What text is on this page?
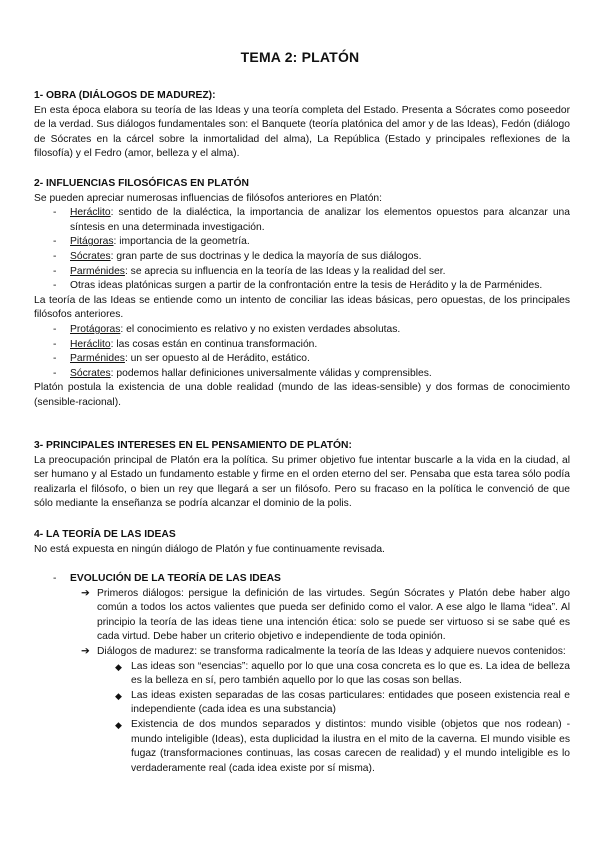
TEMA 2: PLATÓN
1- OBRA (DIÁLOGOS DE MADUREZ):
En esta época elabora su teoría de las Ideas y una teoría completa del Estado. Presenta a Sócrates como poseedor de la verdad. Sus diálogos fundamentales son: el Banquete (teoría platónica del amor y de las Ideas), Fedón (diálogo de Sócrates en la cárcel sobre la inmortalidad del alma), La República (Estado y principales reflexiones de la filosofía) y el Fedro (amor, belleza y el alma).
2- INFLUENCIAS FILOSÓFICAS EN PLATÓN
Se pueden apreciar numerosas influencias de filósofos anteriores en Platón:
- Heráclito: sentido de la dialéctica, la importancia de analizar los elementos opuestos para alcanzar una síntesis en una determinada investigación.
- Pitágoras: importancia de la geometría.
- Sócrates: gran parte de sus doctrinas y le dedica la mayoría de sus diálogos.
- Parménides: se aprecia su influencia en la teoría de las Ideas y la realidad del ser.
- Otras ideas platónicas surgen a partir de la confrontación entre la tesis de Herádito y la de Parménides.
La teoría de las Ideas se entiende como un intento de conciliar las ideas básicas, pero opuestas, de los principales filósofos anteriores.
- Protágoras: el conocimiento es relativo y no existen verdades absolutas.
- Heráclito: las cosas están en continua transformación.
- Parménides: un ser opuesto al de Herádito, estático.
- Sócrates: podemos hallar definiciones universalmente válidas y comprensibles.
Platón postula la existencia de una doble realidad (mundo de las ideas-sensible) y dos formas de conocimiento (sensible-racional).
3- PRINCIPALES INTERESES EN EL PENSAMIENTO DE PLATÓN:
La preocupación principal de Platón era la política. Su primer objetivo fue intentar buscarle a la vida en la ciudad, al ser humano y al Estado un fundamento estable y firme en el orden eterno del ser. Pensaba que esta tarea sólo podía realizarla el filósofo, o bien un rey que llegará a ser un filósofo. Pero su fracaso en la política le convenció de que sólo mediante la enseñanza se podría alcanzar el dominio de la polis.
4- LA TEORÍA DE LAS IDEAS
No está expuesta en ningún diálogo de Platón y fue continuamente revisada.
- EVOLUCIÓN DE LA TEORÍA DE LAS IDEAS
➔ Primeros diálogos: persigue la definición de las virtudes. Según Sócrates y Platón debe haber algo común a todos los actos valientes que pueda ser definido como el valor. A ese algo le llama “idea”. Al principio la teoría de las ideas tiene una intención ética: solo se puede ser virtuoso si se sabe qué es cada virtud. Debe haber un criterio objetivo e independiente de toda opinión.
➔ Diálogos de madurez: se transforma radicalmente la teoría de las Ideas y adquiere nuevos contenidos:
◆ Las ideas son “esencias”: aquello por lo que una cosa concreta es lo que es. La idea de belleza es la belleza en sí, pero también aquello por lo que las cosas son bellas.
◆ Las ideas existen separadas de las cosas particulares: entidades que poseen existencia real e independiente (cada idea es una substancia)
◆ Existencia de dos mundos separados y distintos: mundo visible (objetos que nos rodean) - mundo inteligible (Ideas), esta duplicidad la ilustra en el mito de la caverna. El mundo visible es fugaz (transformaciones continuas, las cosas carecen de realidad) y el mundo inteligible es lo verdaderamente real (cada idea existe por sí misma).
